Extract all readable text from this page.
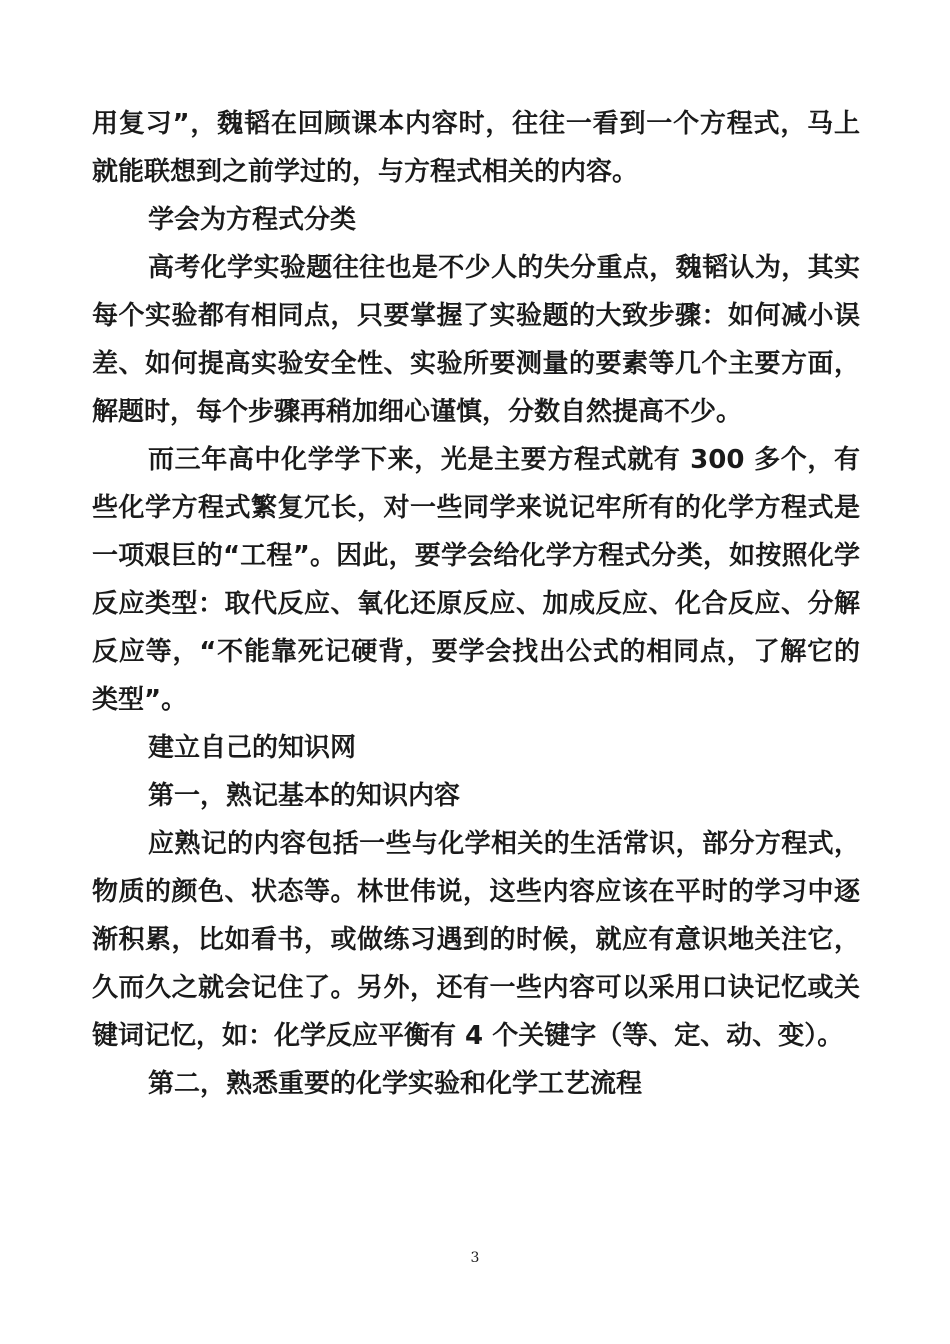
用复习”，魏韬在回顾课本内容时，往往一看到一个方程式，马上就能联想到之前学过的，与方程式相关的内容。

学会为方程式分类

高考化学实验题往往也是不少人的失分重点，魏韬认为，其实每个实验都有相同点，只要掌握了实验题的大致步骤：如何减小误差、如何提高实验安全性、实验所要测量的要素等几个主要方面，解题时，每个步骤再稍加细心谨慎，分数自然提高不少。

而三年高中化学学下来，光是主要方程式就有 300 多个，有些化学方程式繁复冗长，对一些同学来说记牢所有的化学方程式是一项艰巨的“工程”。因此，要学会给化学方程式分类，如按照化学反应类型：取代反应、氧化还原反应、加成反应、化合反应、分解反应等，“不能靠死记硬背，要学会找出公式的相同点，了解它的类型”。

建立自己的知识网

第一，熟记基本的知识内容

应熟记的内容包括一些与化学相关的生活常识，部分方程式，物质的颜色、状态等。林世伟说，这些内容应该在平时的学习中逐渐积累，比如看书，或做练习遇到的时候，就应有意识地关注它，久而久之就会记住了。另外，还有一些内容可以采用口诀记忆或关键词记忆，如：化学反应平衡有 4 个关键字（等、定、动、变）。

第二，熟悉重要的化学实验和化学工艺流程

3
